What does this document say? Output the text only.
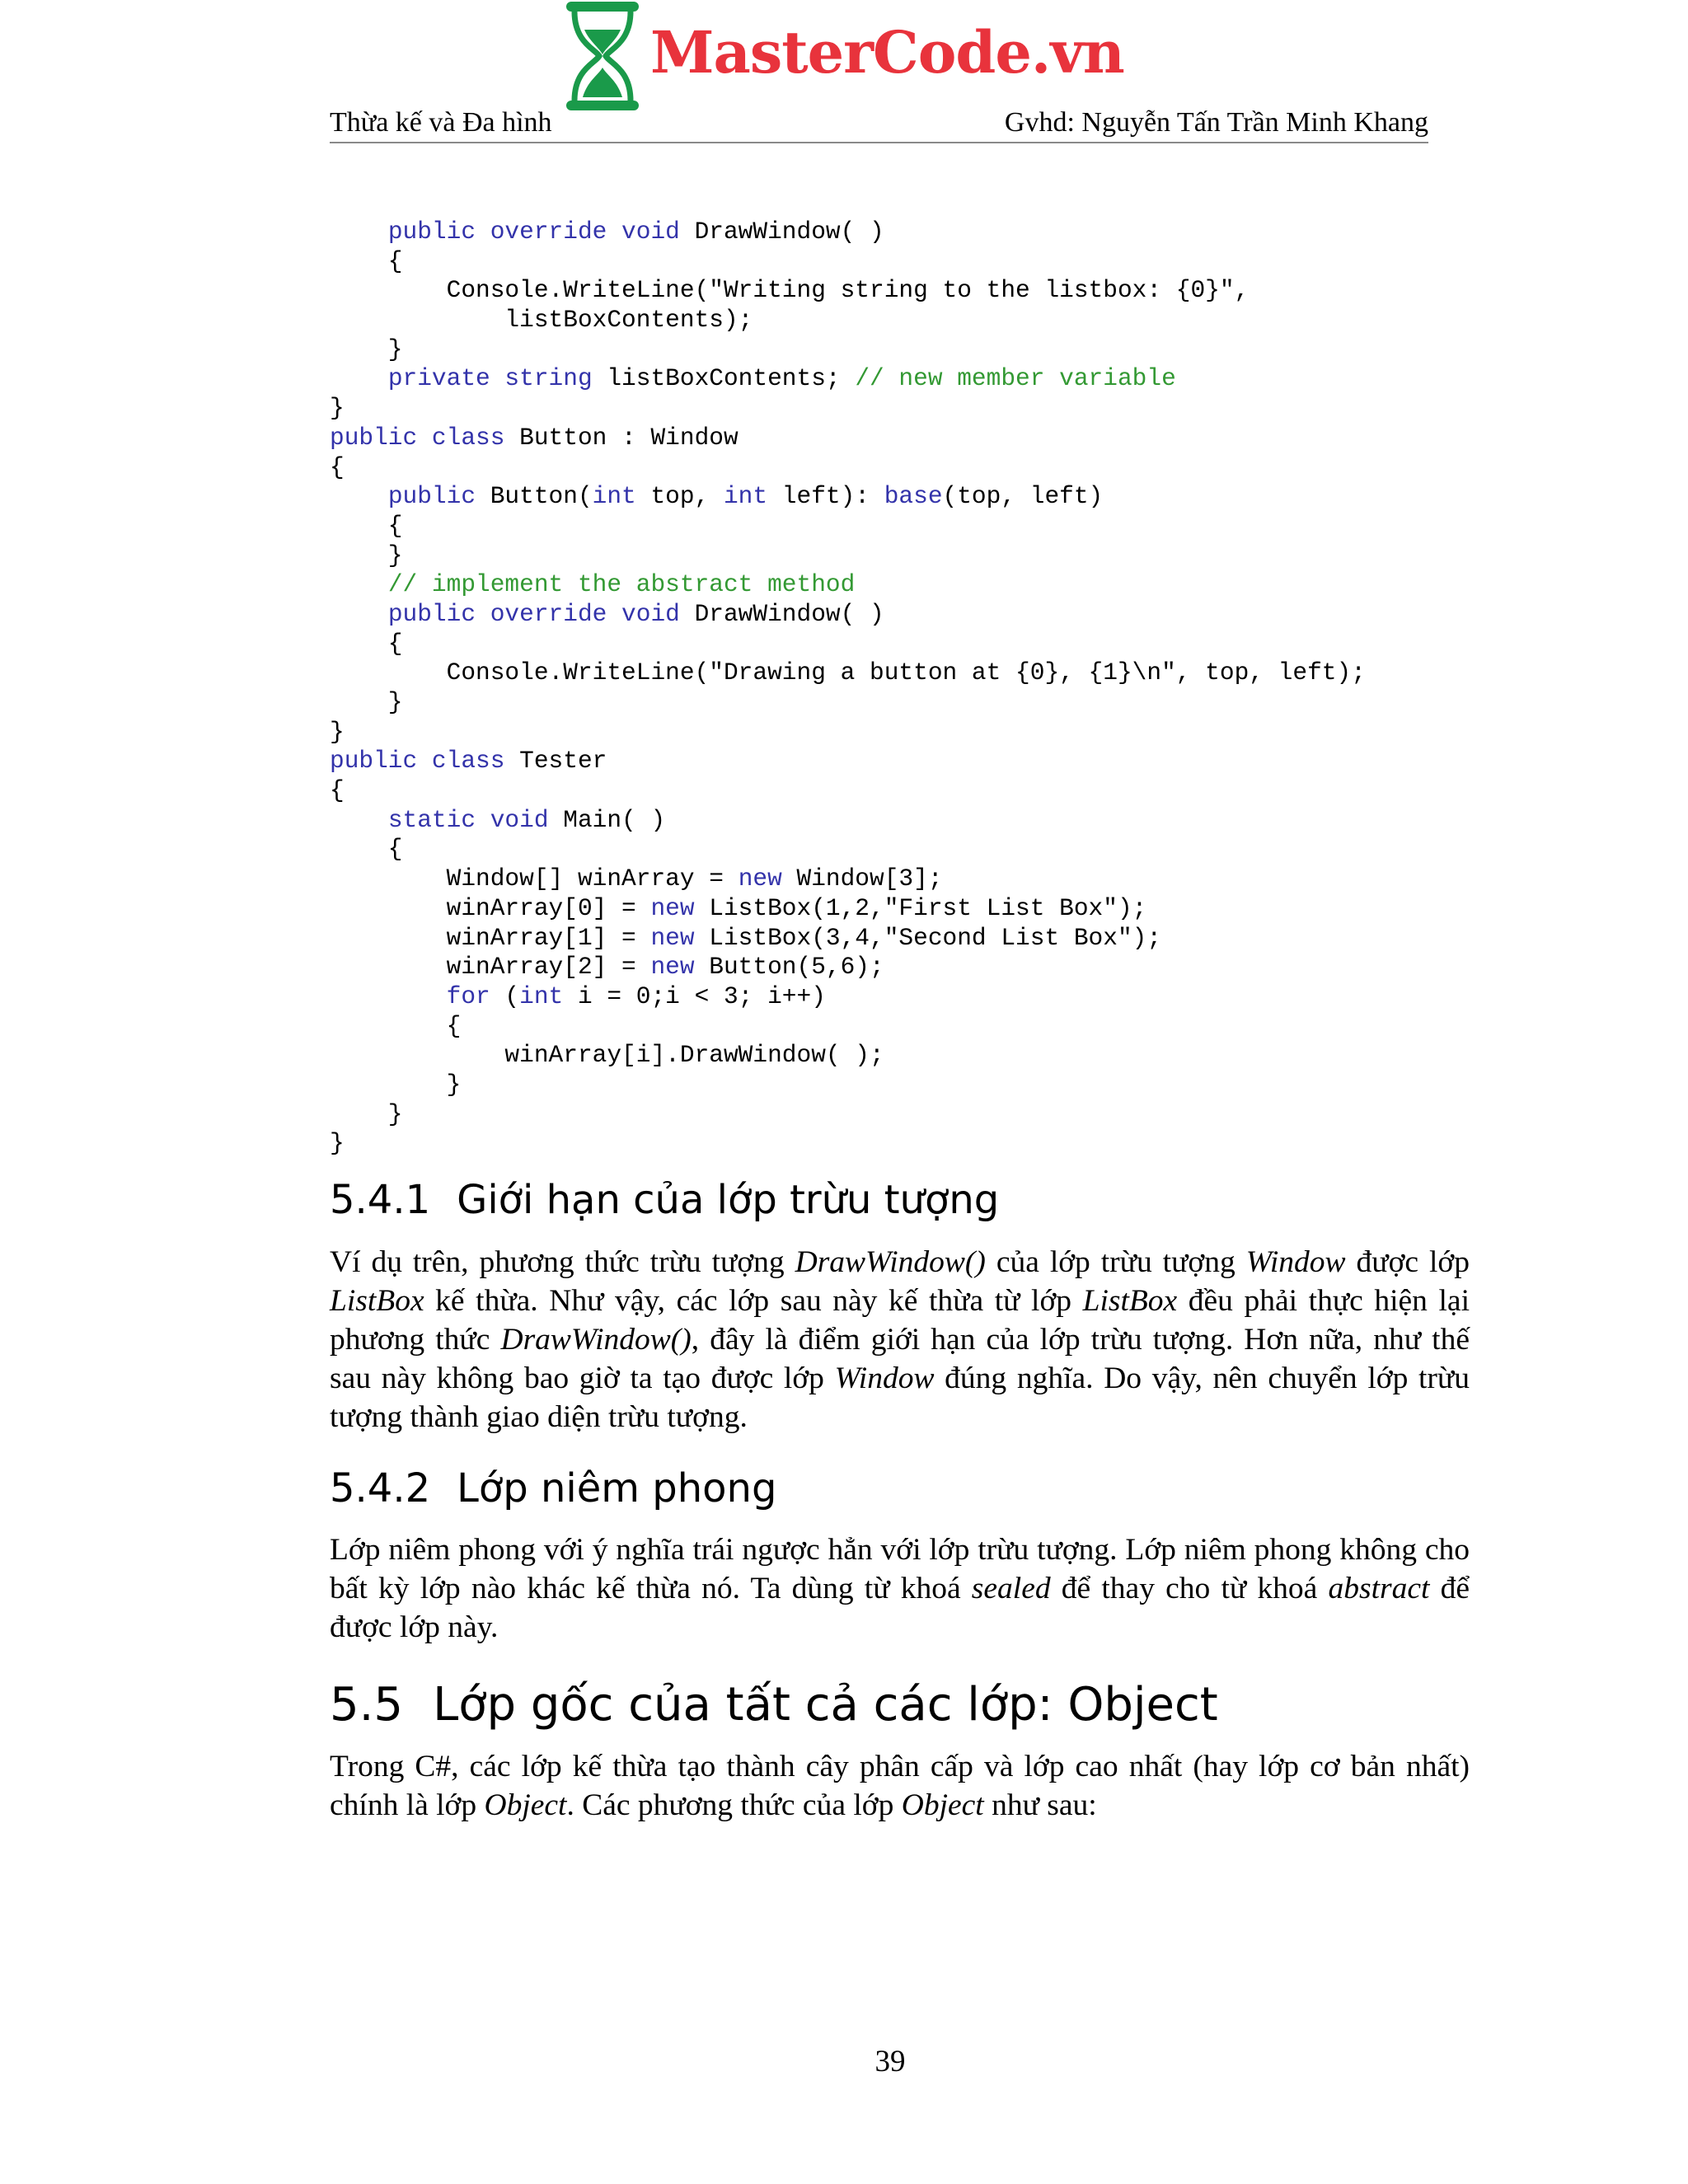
MasterCode.vn
Thừa kế và Đa hình	Gvhd: Nguyễn Tấn Trần Minh Khang
public override void DrawWindow( )
{
Console.WriteLine("Writing string to the listbox: {0}",
listBoxContents);
}
private string listBoxContents; // new member variable
}
public class Button : Window
{
public Button(int top, int left): base(top, left)
{
}
// implement the abstract method
public override void DrawWindow( )
{
Console.WriteLine("Drawing a button at {0}, {1}\n", top, left);
}
}
public class Tester
{
static void Main( )
{
Window[] winArray = new Window[3];
winArray[0] = new ListBox(1,2,"First List Box");
winArray[1] = new ListBox(3,4,"Second List Box");
winArray[2] = new Button(5,6);
for (int i = 0;i < 3; i++)
{
winArray[i].DrawWindow( );
}
}
}
5.4.1 Giới hạn của lớp trừu tượng
Ví dụ trên, phương thức trừu tượng DrawWindow() của lớp trừu tượng Window được lớp ListBox kế thừa. Như vậy, các lớp sau này kế thừa từ lớp ListBox đều phải thực hiện lại phương thức DrawWindow(), đây là điểm giới hạn của lớp trừu tượng. Hơn nữa, như thế sau này không bao giờ ta tạo được lớp Window đúng nghĩa. Do vậy, nên chuyển lớp trừu tượng thành giao diện trừu tượng.
5.4.2 Lớp niêm phong
Lớp niêm phong với ý nghĩa trái ngược hẳn với lớp trừu tượng. Lớp niêm phong không cho bất kỳ lớp nào khác kế thừa nó. Ta dùng từ khoá sealed để thay cho từ khoá abstract để được lớp này.
5.5 Lớp gốc của tất cả các lớp: Object
Trong C#, các lớp kế thừa tạo thành cây phân cấp và lớp cao nhất (hay lớp cơ bản nhất) chính là lớp Object. Các phương thức của lớp Object như sau:
39
